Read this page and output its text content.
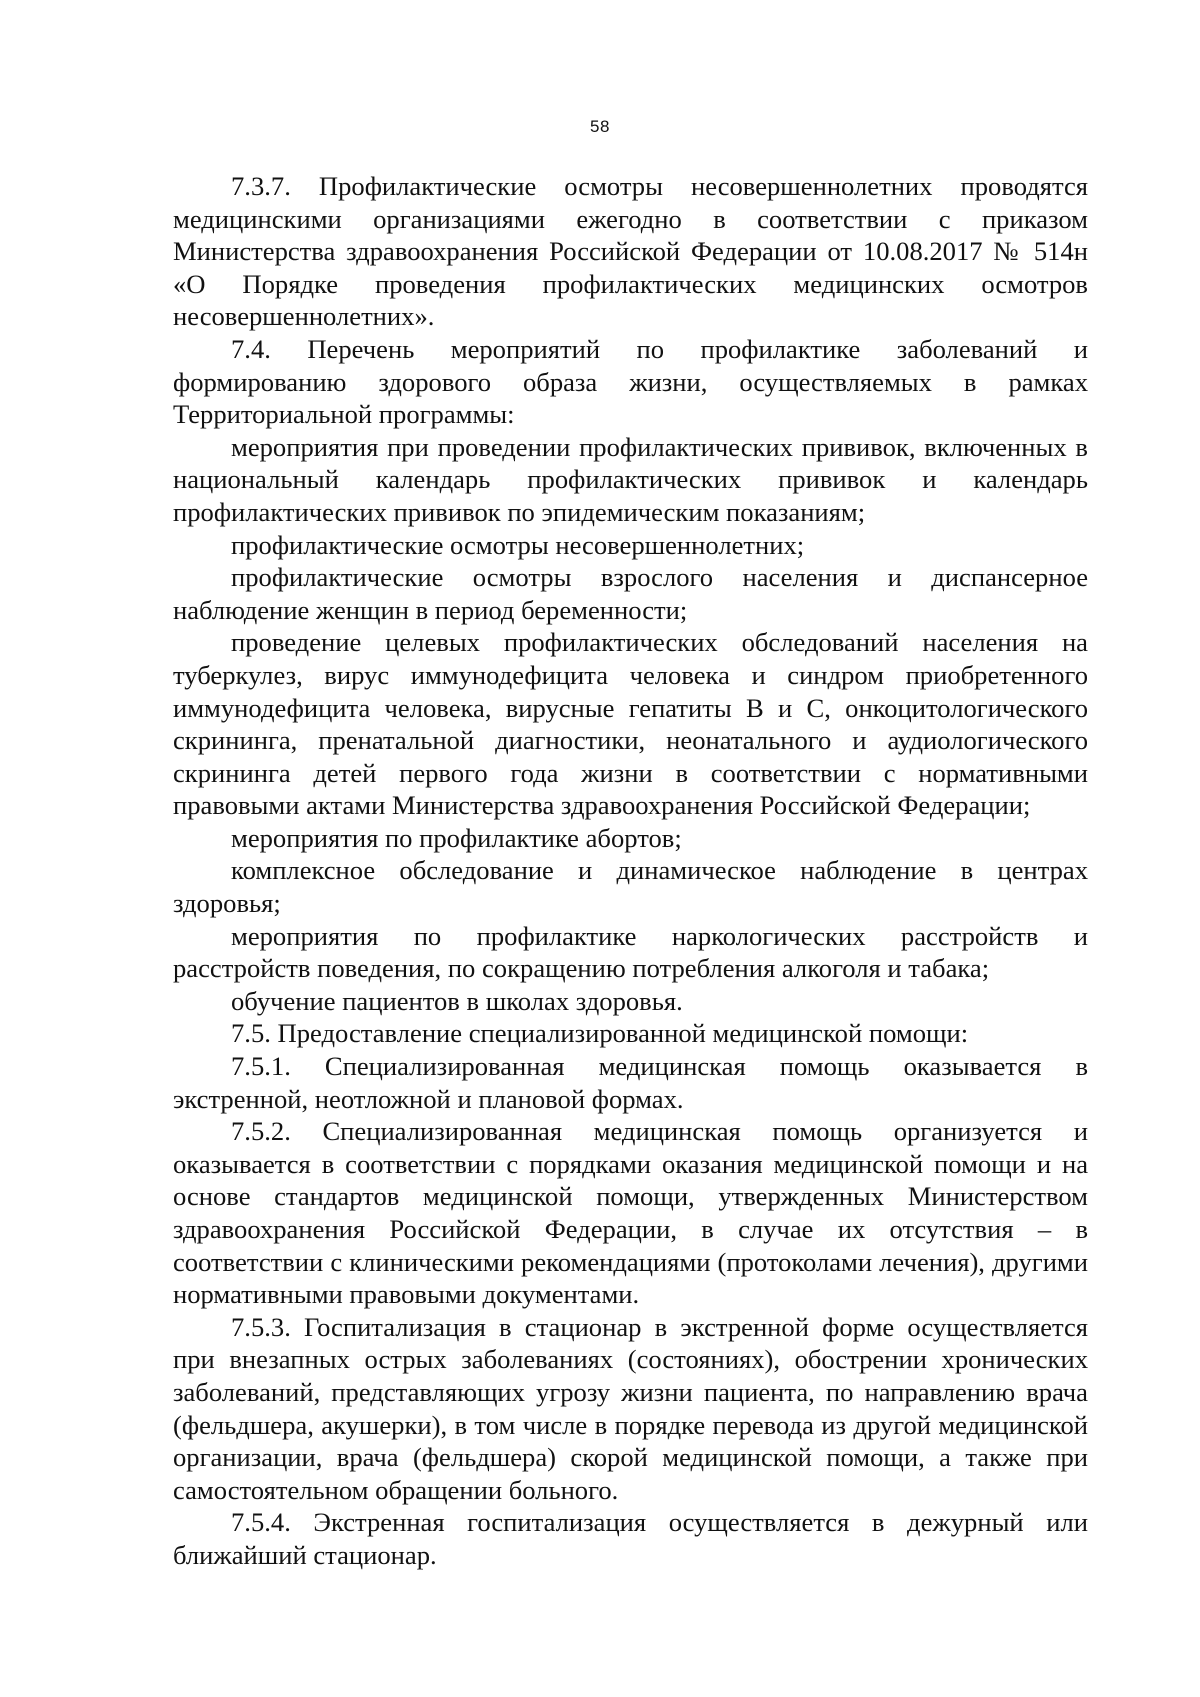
58

7.3.7. Профилактические осмотры несовершеннолетних проводятся медицинскими организациями ежегодно в соответствии с приказом Министерства здравоохранения Российской Федерации от 10.08.2017 № 514н «О Порядке проведения профилактических медицинских осмотров несовершеннолетних».

7.4. Перечень мероприятий по профилактике заболеваний и формированию здорового образа жизни, осуществляемых в рамках Территориальной программы:

мероприятия при проведении профилактических прививок, включенных в национальный календарь профилактических прививок и календарь профилактических прививок по эпидемическим показаниям;

профилактические осмотры несовершеннолетних;

профилактические осмотры взрослого населения и диспансерное наблюдение женщин в период беременности;

проведение целевых профилактических обследований населения на туберкулез, вирус иммунодефицита человека и синдром приобретенного иммунодефицита человека, вирусные гепатиты В и С, онкоцитологического скрининга, пренатальной диагностики, неонатального и аудиологического скрининга детей первого года жизни в соответствии с нормативными правовыми актами Министерства здравоохранения Российской Федерации;

мероприятия по профилактике абортов;

комплексное обследование и динамическое наблюдение в центрах здоровья;

мероприятия по профилактике наркологических расстройств и расстройств поведения, по сокращению потребления алкоголя и табака;

обучение пациентов в школах здоровья.

7.5. Предоставление специализированной медицинской помощи:

7.5.1. Специализированная медицинская помощь оказывается в экстренной, неотложной и плановой формах.

7.5.2. Специализированная медицинская помощь организуется и оказывается в соответствии с порядками оказания медицинской помощи и на основе стандартов медицинской помощи, утвержденных Министерством здравоохранения Российской Федерации, в случае их отсутствия – в соответствии с клиническими рекомендациями (протоколами лечения), другими нормативными правовыми документами.

7.5.3. Госпитализация в стационар в экстренной форме осуществляется при внезапных острых заболеваниях (состояниях), обострении хронических заболеваний, представляющих угрозу жизни пациента, по направлению врача (фельдшера, акушерки), в том числе в порядке перевода из другой медицинской организации, врача (фельдшера) скорой медицинской помощи, а также при самостоятельном обращении больного.

7.5.4. Экстренная госпитализация осуществляется в дежурный или ближайший стационар.
